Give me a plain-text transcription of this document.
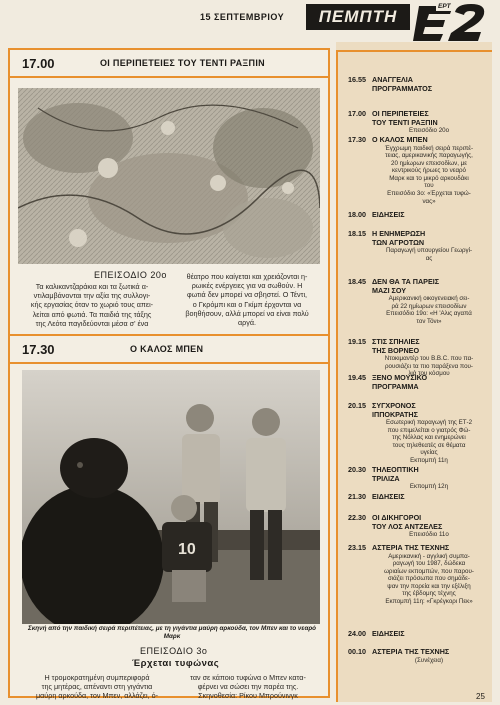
15 ΣΕΠΤΕΜΒΡΙΟΥ	ΠΕΜΠΤΗ
ΕΡΤ
17.00	ΟΙ ΠΕΡΙΠΕΤΕΙΕΣ ΤΟΥ ΤΕΝΤΙ ΡΑΞΠΙΝ
ΕΠΕΙΣΟΔΙΟ 20ο
Τα καλικαντζαράκια και τα ξωτικά α-
ντιλαμβάνονται την αξία της συλλογι-
κής εργασίας όταν το χωριό τους απει-
λείται από φωτιά. Τα παιδιά της τάξης
της Λεότα παγιδεύονται μέσα σ' ένα
θέατρο που καίγεται και χρειάζονται η-
ρωικές ενέργειες για να σωθούν. Η
φωτιά δεν μπορεί να σβηστεί. Ο Τέντι,
ο Γκρόμπι και ο Γκίμπ έρχονται να
βοηθήσουν, αλλά μπορεί να είναι πολύ
αργά.
17.30	Ο ΚΑΛΟΣ ΜΠΕΝ
10
Σκηνή από την παιδική σειρά περιπέτειας, με τη γιγάντια μαύρη αρκούδα, τον Μπεν και το νεαρό Μαρκ
ΕΠΕΙΣΟΔΙΟ 3ο
Έρχεται τυφώνας
Η τρομοκρατημένη συμπεριφορά
της μητέρας, απέναντι στη γιγάντια
μαύρη αρκούδα, τον Μπεν, αλλάζει, ό-
ταν σε κάποιο τυφώνα ο Μπεν κατα-
φέρνει να σώσει την παρέα της.
Σκηνοθεσία: Ρίκου Μπρούνινγκ
16.55 ΑΝΑΓΓΕΛΙΑ
ΠΡΟΓΡΑΜΜΑΤΟΣ
17.00 ΟΙ ΠΕΡΙΠΕΤΕΙΕΣ
ΤΟΥ ΤΕΝΤΙ ΡΑΞΠΙΝ
Επεισόδιο 20ο
17.30 Ο ΚΑΛΟΣ ΜΠΕΝ
Έγχρωμη παιδική σειρά περιπέ-
τειας, αμερικανικής παραγωγής,
20 ημίωρων επεισοδίων, με
κεντρικούς ήρωες το νεαρό
Μαρκ και το μικρό αρκουδάκι
του
Επεισόδιο 3ο: «Έρχεται τυφώ-
νας»
18.00 ΕΙΔΗΣΕΙΣ
18.15 Η ΕΝΗΜΕΡΩΣΗ
ΤΩΝ ΑΓΡΟΤΩΝ
Παραγωγή υπουργείου Γεωργί-
ας
18.45 ΔΕΝ ΘΑ ΤΑ ΠΑΡΕΙΣ
ΜΑΖΙ ΣΟΥ
Αμερικανική οικογενειακή σει-
ρά 22 ημίωρων επεισοδίων
Επεισόδιο 19ο: «Η 'Αλις αγαπά
τον Τόνι»
19.15 ΣΤΙΣ ΣΠΗΛΙΕΣ
ΤΗΣ ΒΟΡΝΕΟ
Ντοκιμαντέρ του B.B.C. που πα-
ρουσιάζει τα πιο παράξενα που-
λιά του κόσμου
19.45 ΞΕΝΟ ΜΟΥΣΙΚΟ
ΠΡΟΓΡΑΜΜΑ
20.15 ΣΥΓΧΡΟΝΟΣ
ΙΠΠΟΚΡΑΤΗΣ
Εσωτερική παραγωγή της ΕΤ-2
που επιμελείται ο γιατρός Φώ-
της Νόλλας και ενημερώνει
τους τηλεθεατές σε θέματα
υγείας
Εκπομπή 11η
20.30 ΤΗΛΕΟΠΤΙΚΗ
ΤΡΙΛΙΖΑ
Εκπομπή 12η
21.30 ΕΙΔΗΣΕΙΣ
22.30 ΟΙ ΔΙΚΗΓΟΡΟΙ
ΤΟΥ ΛΟΣ ΑΝΤΖΕΛΕΣ
Επεισόδιο 11ο
23.15 ΑΣΤΕΡΙΑ ΤΗΣ ΤΕΧΝΗΣ
Αμερικανική - αγγλική συμπα-
ραγωγή του 1987, δώδεκα
ωριαίων εκπομπών, που παρου-
σιάζει πρόσωπα που σημάδε-
ψαν την πορεία και την εξέλιξη
της έβδομης τέχνης
Εκπομπή 11η: «Γκρέγκορι Πεκ»
24.00 ΕΙΔΗΣΕΙΣ
00.10 ΑΣΤΕΡΙΑ ΤΗΣ ΤΕΧΝΗΣ
(Συνέχεια)
25
